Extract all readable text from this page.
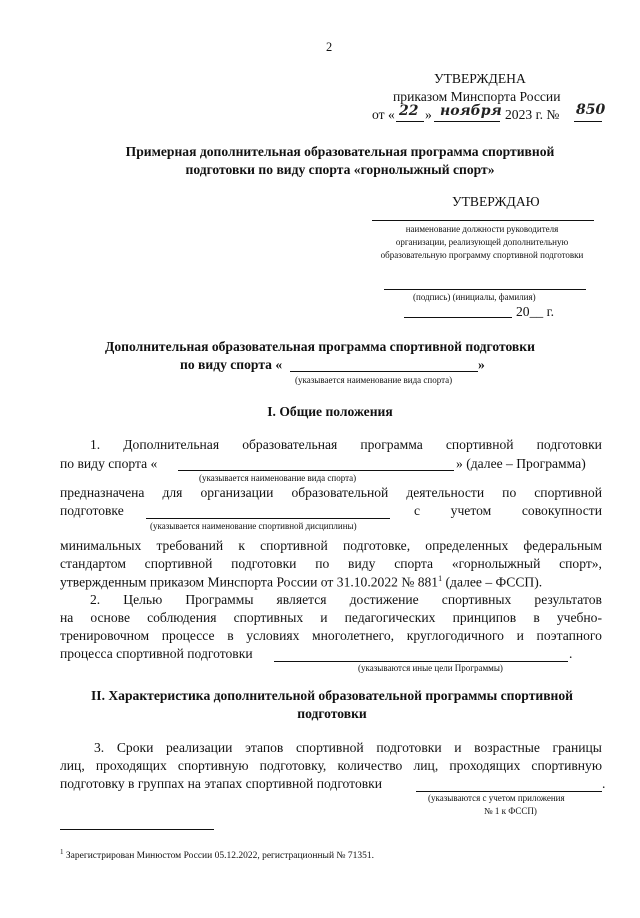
2
УТВЕРЖДЕНА
приказом Минспорта России
от « 22 » ноября 2023 г. № 850
Примерная дополнительная образовательная программа спортивной
подготовки по виду спорта «горнолыжный спорт»
УТВЕРЖДАЮ
наименование должности руководителя
организации, реализующей дополнительную
образовательную программу спортивной подготовки
(подпись) (инициалы, фамилия)
20__ г.
Дополнительная образовательная программа спортивной подготовки
по виду спорта «	»
(указывается наименование вида спорта)
I. Общие положения
1. Дополнительная образовательная программа спортивной подготовки
по виду спорта «	» (далее – Программа)
(указывается наименование вида спорта)
предназначена для организации образовательной деятельности по спортивной
подготовке	с учетом совокупности
(указывается наименование спортивной дисциплины)
минимальных требований к спортивной подготовке, определенных федеральным
стандартом спортивной подготовки по виду спорта «горнолыжный спорт»,
утвержденным приказом Минспорта России от 31.10.2022 № $881^1$ (далее – ФССП).
2. Целью Программы является достижение спортивных результатов
на основе соблюдения спортивных и педагогических принципов в учебно-
тренировочном процессе в условиях многолетнего, круглогодичного и поэтапного
процесса спортивной подготовки	.
(указываются иные цели Программы)
II. Характеристика дополнительной образовательной программы спортивной
подготовки
3. Сроки реализации этапов спортивной подготовки и возрастные границы
лиц, проходящих спортивную подготовку, количество лиц, проходящих спортивную
подготовку в группах на этапах спортивной подготовки	.
(указываются с учетом приложения
№ 1 к ФССП)
$^1$ Зарегистрирован Минюстом России 05.12.2022, регистрационный № 71351.
